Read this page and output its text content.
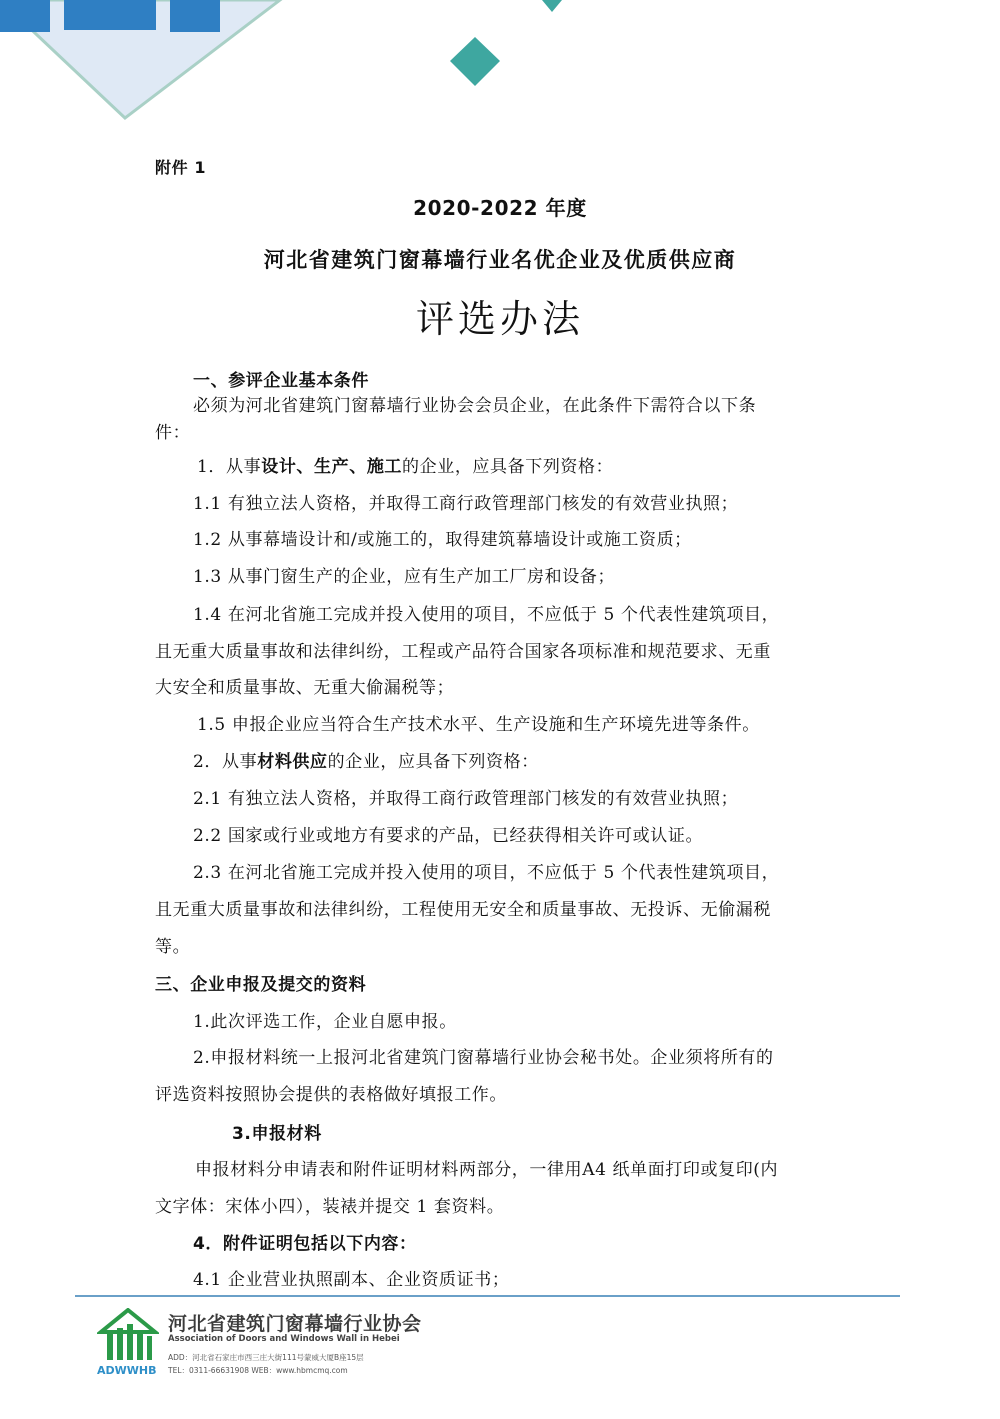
附件 1
2020-2022 年度
河北省建筑门窗幕墙行业名优企业及优质供应商
评选办法
一、参评企业基本条件
必须为河北省建筑门窗幕墙行业协会会员企业，在此条件下需符合以下条
件：
1．从事设计、生产、施工的企业，应具备下列资格：
1.1 有独立法人资格，并取得工商行政管理部门核发的有效营业执照；
1.2 从事幕墙设计和/或施工的，取得建筑幕墙设计或施工资质；
1.3 从事门窗生产的企业，应有生产加工厂房和设备；
1.4 在河北省施工完成并投入使用的项目，不应低于 5 个代表性建筑项目，
且无重大质量事故和法律纠纷，工程或产品符合国家各项标准和规范要求、无重
大安全和质量事故、无重大偷漏税等；
1.5 申报企业应当符合生产技术水平、生产设施和生产环境先进等条件。
2．从事材料供应的企业，应具备下列资格：
2.1 有独立法人资格，并取得工商行政管理部门核发的有效营业执照；
2.2 国家或行业或地方有要求的产品，已经获得相关许可或认证。
2.3 在河北省施工完成并投入使用的项目，不应低于 5 个代表性建筑项目，
且无重大质量事故和法律纠纷，工程使用无安全和质量事故、无投诉、无偷漏税
等。
三、企业申报及提交的资料
1.此次评选工作，企业自愿申报。
2.申报材料统一上报河北省建筑门窗幕墙行业协会秘书处。企业须将所有的
评选资料按照协会提供的表格做好填报工作。
3.申报材料
申报材料分申请表和附件证明材料两部分，一律用A4 纸单面打印或复印(内
文字体：宋体小四），装裱并提交 1 套资料。
4．附件证明包括以下内容：
4.1 企业营业执照副本、企业资质证书；
河北省建筑门窗幕墙行业协会
Association of Doors and Windows Wall in Hebei
ADD：河北省石家庄市西三庄大街111号蒙威大厦B座15层
TEL：0311-66631908 WEB：www.hbmcmq.com
ADWWHB
